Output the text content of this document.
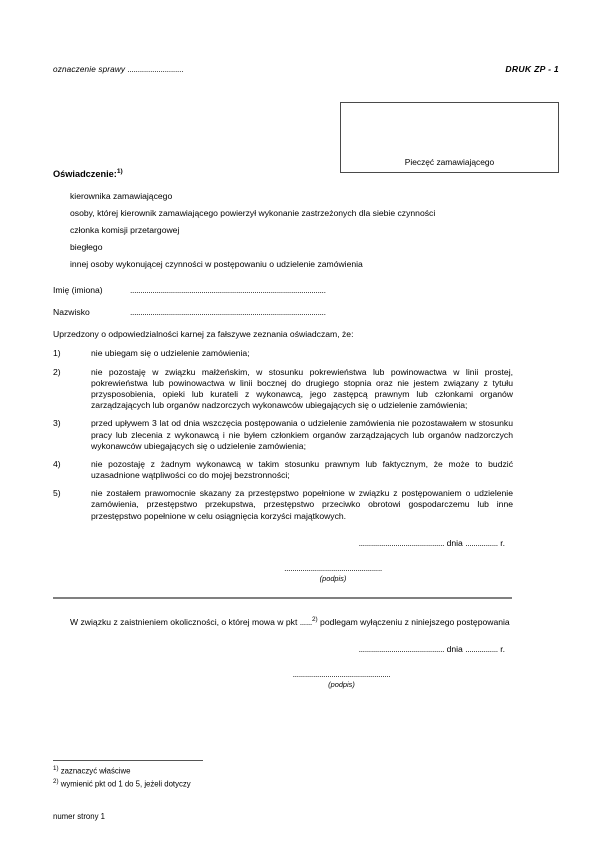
oznaczenie sprawy ...........................	DRUK ZP - 1
Pieczęć zamawiającego

Oświadczenie:$^{1)}$

kierownika zamawiającego
osoby, której kierownik zamawiającego powierzył wykonanie zastrzeżonych dla siebie czynności
członka komisji przetargowej
biegłego
innej osoby wykonującej czynności w postępowaniu o udzielenie zamówienia
Imię (imiona)	................................................................................................
Nazwisko	................................................................................................

Uprzedzony o odpowiedzialności karnej za fałszywe zeznania oświadczam, że:

1)	nie ubiegam się o udzielenie zamówienia;
2)	nie pozostaję w związku małżeńskim, w stosunku pokrewieństwa lub powinowactwa w linii prostej, pokrewieństwa lub powinowactwa w linii bocznej do drugiego stopnia oraz nie jestem związany z tytułu przysposobienia, opieki lub kurateli z wykonawcą, jego zastępcą prawnym lub członkami organów zarządzających lub organów nadzorczych wykonawców ubiegających się o udzielenie zamówienia;
3)	przed upływem 3 lat od dnia wszczęcia postępowania o udzielenie zamówienia nie pozostawałem w stosunku pracy lub zlecenia z wykonawcą i nie byłem członkiem organów zarządzających lub organów nadzorczych wykonawców ubiegających się o udzielenie zamówienia;
4)	nie pozostaję z żadnym wykonawcą w takim stosunku prawnym lub faktycznym, że może to budzić uzasadnione wątpliwości co do mojej bezstronności;
5)	nie zostałem prawomocnie skazany za przestępstwo popełnione w związku z postępowaniem o udzielenie zamówienia, przestępstwo przekupstwa, przestępstwo przeciwko obrotowi gospodarczemu lub inne przestępstwo popełnione w celu osiągnięcia korzyści majątkowych.
.......................................... dnia ................ r.
................................................
(podpis)

W związku z zaistnieniem okoliczności, o której mowa w pkt ......$^{2)}$ podlegam wyłączeniu z niniejszego postępowania

.......................................... dnia ................ r.
................................................
(podpis)

$^{1)}$ zaznaczyć właściwe

$^{2)}$ wymienić pkt od 1 do 5, jeżeli dotyczy

numer strony 1
